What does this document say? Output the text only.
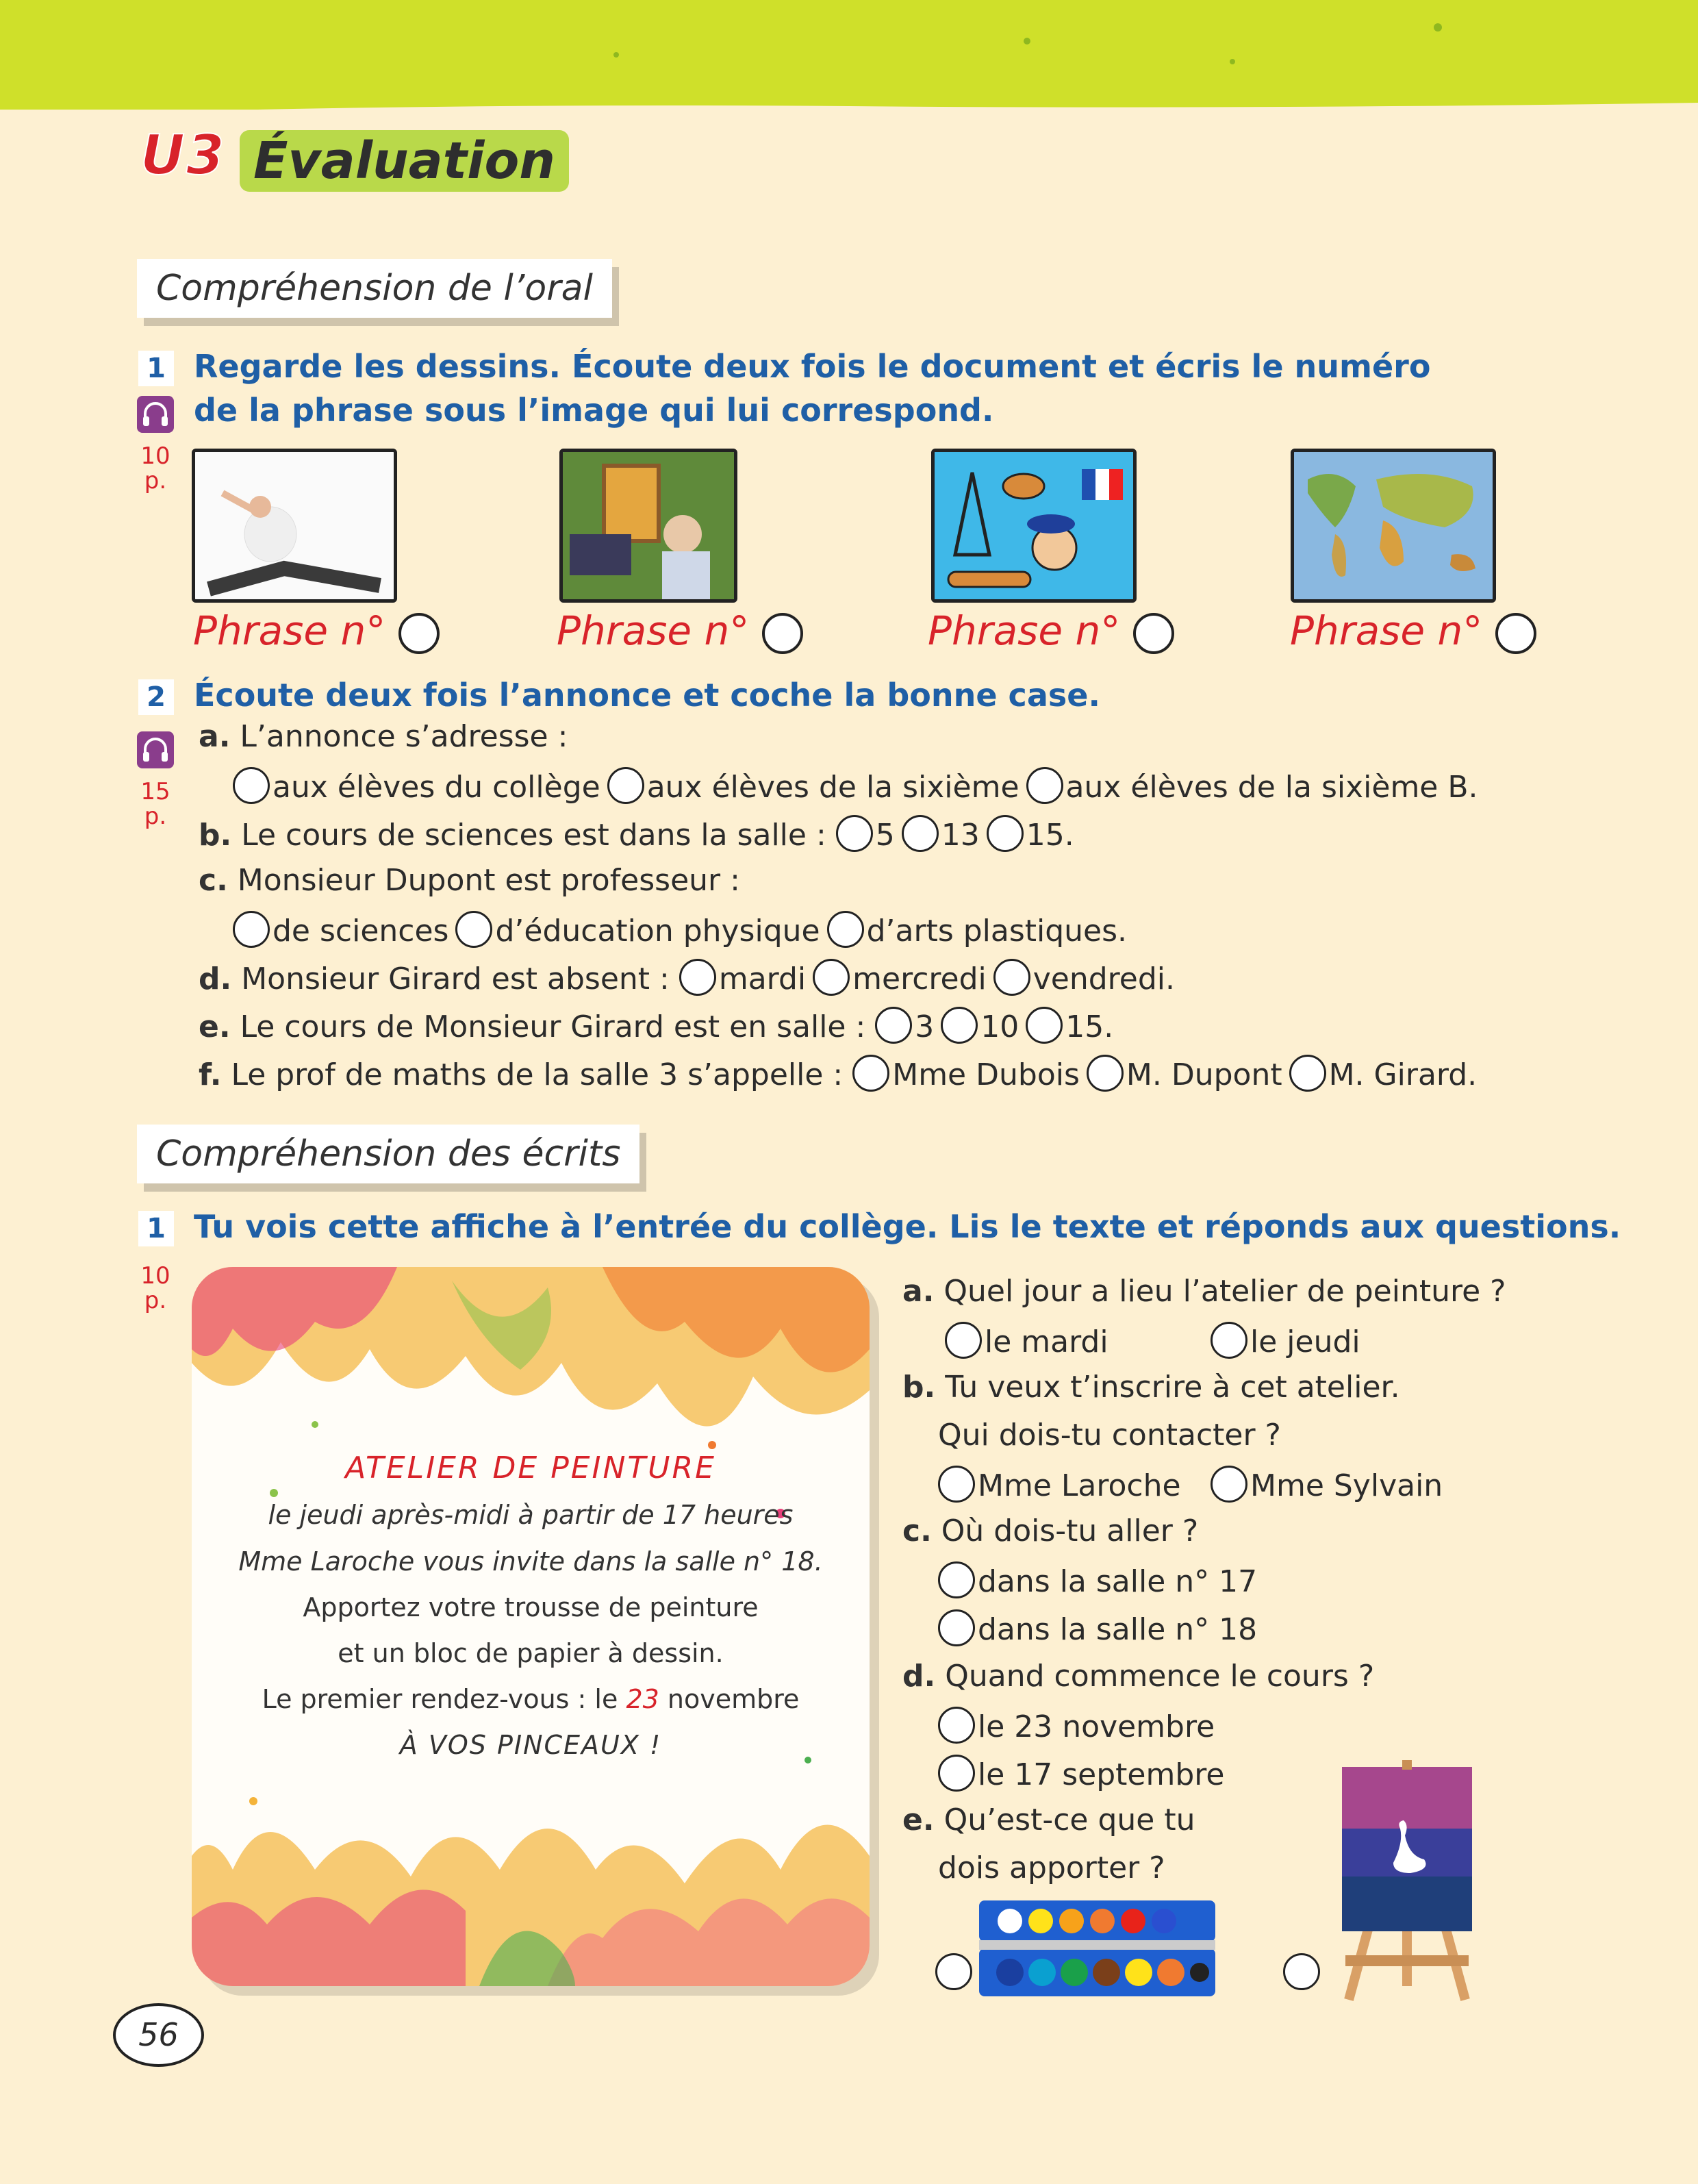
U3 Évaluation
Compréhension de l’oral
1 Regarde les dessins. Écoute deux fois le document et écris le numéro
de la phrase sous l’image qui lui correspond.
10
p.
Phrase n°	Phrase n°	Phrase n°	Phrase n°
2 Écoute deux fois l’annonce et coche la bonne case.
15
p.
a. L’annonce s’adresse :
aux élèves du collège aux élèves de la sixième aux élèves de la sixième B.
b. Le cours de sciences est dans la salle : 5 13 15.
c. Monsieur Dupont est professeur :
de sciences d’éducation physique d’arts plastiques.
d. Monsieur Girard est absent : mardi mercredi vendredi.
e. Le cours de Monsieur Girard est en salle : 3 10 15.
f. Le prof de maths de la salle 3 s’appelle : Mme Dubois M. Dupont M. Girard.
Compréhension des écrits
1 Tu vois cette affiche à l’entrée du collège. Lis le texte et réponds aux questions.
10
p.
ATELIER DE PEINTURE
le jeudi après-midi à partir de 17 heures
Mme Laroche vous invite dans la salle n° 18.
Apportez votre trousse de peinture
et un bloc de papier à dessin.
Le premier rendez-vous : le 23 novembre
À VOS PINCEAUX !
a. Quel jour a lieu l’atelier de peinture ?
le mardi	le jeudi
b. Tu veux t’inscrire à cet atelier.
Qui dois-tu contacter ?
Mme Laroche	Mme Sylvain
c. Où dois-tu aller ?
dans la salle n° 17
dans la salle n° 18
d. Quand commence le cours ?
le 23 novembre
le 17 septembre
e. Qu’est-ce que tu
dois apporter ?
56
